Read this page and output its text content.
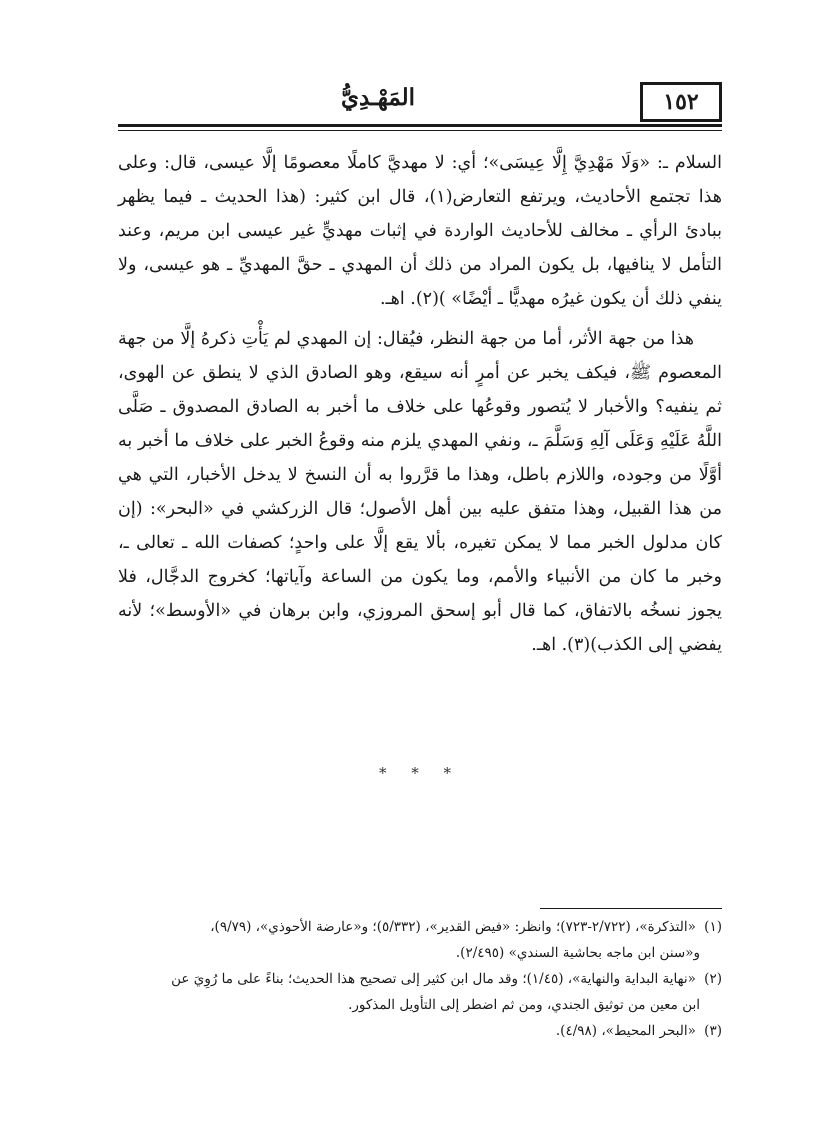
١٥٢
المَهْـدِيُّ

السلام ـ: «وَلَا مَهْدِيَّ إِلَّا عِيسَى»؛ أي: لا مهديَّ كاملًا معصومًا إلَّا عيسى، قال: وعلى هذا تجتمع الأحاديث، ويرتفع التعارض(١)، قال ابن كثير: (هذا الحديث ـ فيما يظهر ببادئ الرأي ـ مخالف للأحاديث الواردة في إثبات مهديٍّ غير عيسى ابن مريم، وعند التأمل لا ينافيها، بل يكون المراد من ذلك أن المهدي ـ حقَّ المهديِّ ـ هو عيسى، ولا ينفي ذلك أن يكون غيرُه مهديًّا ـ أيْضًا» )(٢). اهـ.

هذا من جهة الأثر، أما من جهة النظر، فيُقال: إن المهدي لم يَأْتِ ذكرهُ إلَّا من جهة المعصوم ﷺ، فيكف يخبر عن أمرٍ أنه سيقع، وهو الصادق الذي لا ينطق عن الهوى، ثم ينفيه؟ والأخبار لا يُتصور وقوعُها على خلاف ما أخبر به الصادق المصدوق ـ صَلَّى اللَّهُ عَلَيْهِ وَعَلَى آلِهِ وَسَلَّمَ ـ، ونفي المهدي يلزم منه وقوعُ الخبر على خلاف ما أخبر به أوَّلًا من وجوده، واللازم باطل، وهذا ما قرَّروا به أن النسخ لا يدخل الأخبار، التي هي من هذا القبيل، وهذا متفق عليه بين أهل الأصول؛ قال الزركشي في «البحر»: (إن كان مدلول الخبر مما لا يمكن تغيره، بألا يقع إلَّا على واحدٍ؛ كصفات الله ـ تعالى ـ، وخبر ما كان من الأنبياء والأمم، وما يكون من الساعة وآياتها؛ كخروج الدجَّال، فلا يجوز نسخُه بالاتفاق، كما قال أبو إسحق المروزي، وابن برهان في «الأوسط»؛ لأنه يفضي إلى الكذب)(٣). اهـ.

* * *
(١) «التذكرة»، (٢/٧٢٢-٧٢٣)؛ وانظر: «فيض القدير»، (٥/٣٣٢)؛ و«عارضة الأحوذي»، (٩/٧٩)،
و«سنن ابن ماجه بحاشية السندي» (٢/٤٩٥).
(٢) «نهاية البداية والنهاية»، (١/٤٥)؛ وقد مال ابن كثير إلى تصحيح هذا الحديث؛ بناءً على ما رُوِيَ عن
ابن معين من توثيق الجندي، ومن ثم اضطر إلى التأويل المذكور.
(٣) «البحر المحيط»، (٤/٩٨).
